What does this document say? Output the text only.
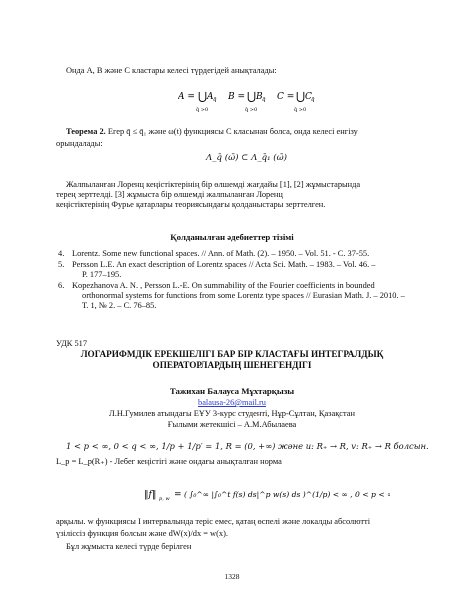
Онда A, B және C кластары келесі түрдегідей анықталады:
A = ⋃
q̄ >0
A q̄ B = ⋃
q̄ >0
B q̄ C = ⋃
q̄ >0
C q̄
Теорема 2. Егер q̄ ≤ q̄₁ және ω(t) функциясы C класынан болса, онда келесі енгізу
орындалады:
Λ_q̄ (ω̄) ⊂ Λ_q̄₁ (ω̄)
Жалпыланған Лоренц кеңістіктерінің бір өлшемді жағдайы [1], [2] жұмыстарында
терең зерттелді. [3] жұмыста бір өлшемді жалпыланған Лоренц
кеңістіктерінің Фурье қатарлары теориясындағы қолданыстары зерттелген.
Қолданылған әдебиеттер тізімі
4. Lorentz. Some new functional spaces. // Ann. of Math. (2). – 1950. – Vol. 51. - C. 37-55.
5. Persson L.E. An exact description of Lorentz spaces // Acta Sci. Math. – 1983. – Vol. 46. –
P. 177–195.
6. Kopezhanova A. N. , Persson L.-E. On summability of the Fourier coefficients in bounded
orthonormal systems for functions from some Lorentz type spaces // Eurasian Math. J. – 2010. –
Т. 1, № 2. – С. 76–85.
УДК 517
ЛОГАРИФМДІК ЕРЕКШЕЛІГІ БАР БІР КЛАСТАҒЫ ИНТЕГРАЛДЫҚ
ОПЕРАТОРЛАРДЫҢ ШЕНЕГЕНДІГІ
Тажихан Балауса Мұхтарқызы
balausa-26@mail.ru
Л.Н.Гумилев атындағы ЕҰУ 3-курс студенті, Нұр-Сұлтан, Қазақстан
Ғылыми жетекшісі – А.М.Абылаева
1 < p < ∞, 0 < q < ∞, 1/p + 1/p′ = 1, R = (0, +∞) және u: R₊ → R, v: R₊ → R болсын.
L_p = L_p(R₊) - Лебег кеңістігі және ондағы анықталған норма
‖f‖ p, w = ( ∫₀^∞ |∫₀^t f(s) ds|^p w(s) ds )^(1/p) < ∞ , 0 < p < ∞ .
арқылы. w функциясы I интервалында теріс емес, қатаң өспелі және локалды абсолютті
үзіліссіз функция болсын және dW(x)/dx = w(x).
Бұл жұмыста келесі түрде берілген
1328
